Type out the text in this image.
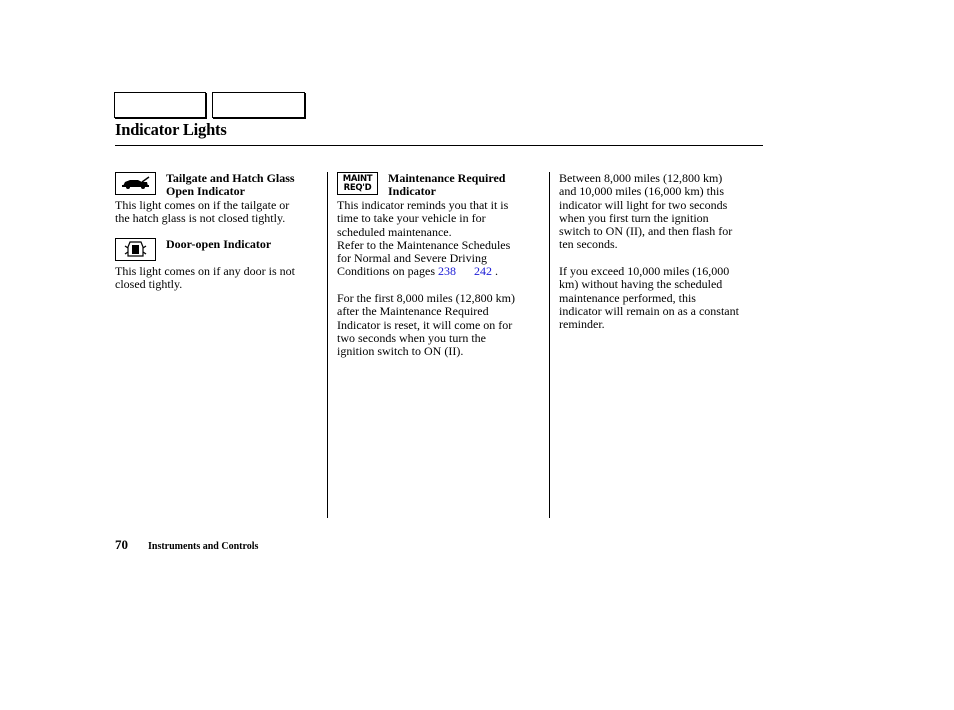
Indicator Lights
Tailgate and Hatch Glass
Open Indicator
This light comes on if the tailgate or
the hatch glass is not closed tightly.
Door-open Indicator
This light comes on if any door is not
closed tightly.
MAINT
REQ'D
Maintenance Required
Indicator
This indicator reminds you that it is
time to take your vehicle in for
scheduled maintenance.
Refer to the Maintenance Schedules
for Normal and Severe Driving
Conditions on pages 238 242 .
For the first 8,000 miles (12,800 km)
after the Maintenance Required
Indicator is reset, it will come on for
two seconds when you turn the
ignition switch to ON (II).
Between 8,000 miles (12,800 km)
and 10,000 miles (16,000 km) this
indicator will light for two seconds
when you first turn the ignition
switch to ON (II), and then flash for
ten seconds.
If you exceed 10,000 miles (16,000
km) without having the scheduled
maintenance performed, this
indicator will remain on as a constant
reminder.
70 Instruments and Controls
